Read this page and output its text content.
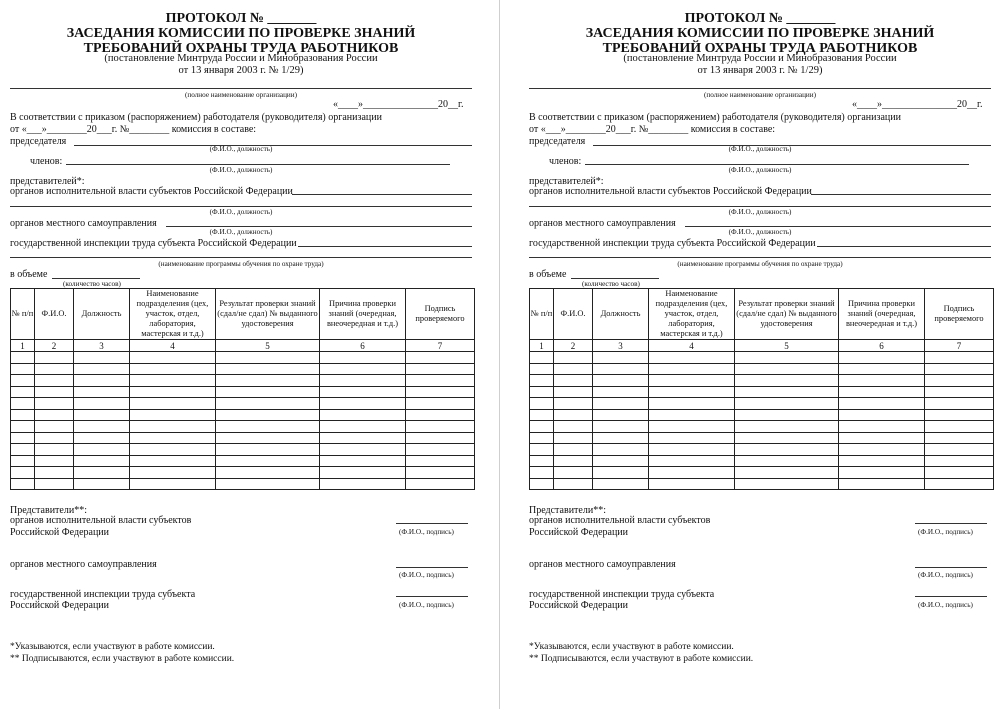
ПРОТОКОЛ № _______
ЗАСЕДАНИЯ КОМИССИИ ПО ПРОВЕРКЕ ЗНАНИЙ
ТРЕБОВАНИЙ ОХРАНЫ ТРУДА РАБОТНИКОВ
(постановление Минтруда России и Минобразования России
от 13 января 2003 г. № 1/29)
(полное наименование организации)
«____»_______________20__г.
В соответствии с приказом (распоряжением) работодателя (руководителя) организации
от «___»________20___г. №________ комиссия в составе:
председателя
(Ф.И.О., должность)
членов:
(Ф.И.О., должность)
представителей*:
органов исполнительной власти субъектов Российской Федерации
(Ф.И.О., должность)
органов местного самоуправления
(Ф.И.О., должность)
государственной инспекции труда субъекта Российской Федерации
(наименование программы обучения по охране труда)
в объеме
(количество часов)
№ п/п	Ф.И.О.	Должность	Наименование подразделения (цех, участок, отдел, лаборатория, мастерская и т.д.)	Результат проверки знаний (сдал/не сдал) № выданного удостоверения	Причина проверки знаний (очередная, внеочередная и т.д.)	Подпись проверяемого
1	2	3	4	5	6	7

Представители**:
органов исполнительной власти субъектов
Российской Федерации	(Ф.И.О., подпись)
органов местного самоуправления
(Ф.И.О., подпись)
государственной инспекции труда субъекта
Российской Федерации	(Ф.И.О., подпись)
*Указываются, если участвуют в работе комиссии.
** Подписываются, если участвуют в работе комиссии.
ПРОТОКОЛ № _______
ЗАСЕДАНИЯ КОМИССИИ ПО ПРОВЕРКЕ ЗНАНИЙ
ТРЕБОВАНИЙ ОХРАНЫ ТРУДА РАБОТНИКОВ
(постановление Минтруда России и Минобразования России
от 13 января 2003 г. № 1/29)
(полное наименование организации)
«____»_______________20__г.
В соответствии с приказом (распоряжением) работодателя (руководителя) организации
от «___»________20___г. №________ комиссия в составе:
председателя
(Ф.И.О., должность)
членов:
(Ф.И.О., должность)
представителей*:
органов исполнительной власти субъектов Российской Федерации
(Ф.И.О., должность)
органов местного самоуправления
(Ф.И.О., должность)
государственной инспекции труда субъекта Российской Федерации
(наименование программы обучения по охране труда)
в объеме
(количество часов)
№ п/п	Ф.И.О.	Должность	Наименование подразделения (цех, участок, отдел, лаборатория, мастерская и т.д.)	Результат проверки знаний (сдал/не сдал) № выданного удостоверения	Причина проверки знаний (очередная, внеочередная и т.д.)	Подпись проверяемого
1	2	3	4	5	6	7

Представители**:
органов исполнительной власти субъектов
Российской Федерации	(Ф.И.О., подпись)
органов местного самоуправления
(Ф.И.О., подпись)
государственной инспекции труда субъекта
Российской Федерации	(Ф.И.О., подпись)
*Указываются, если участвуют в работе комиссии.
** Подписываются, если участвуют в работе комиссии.
